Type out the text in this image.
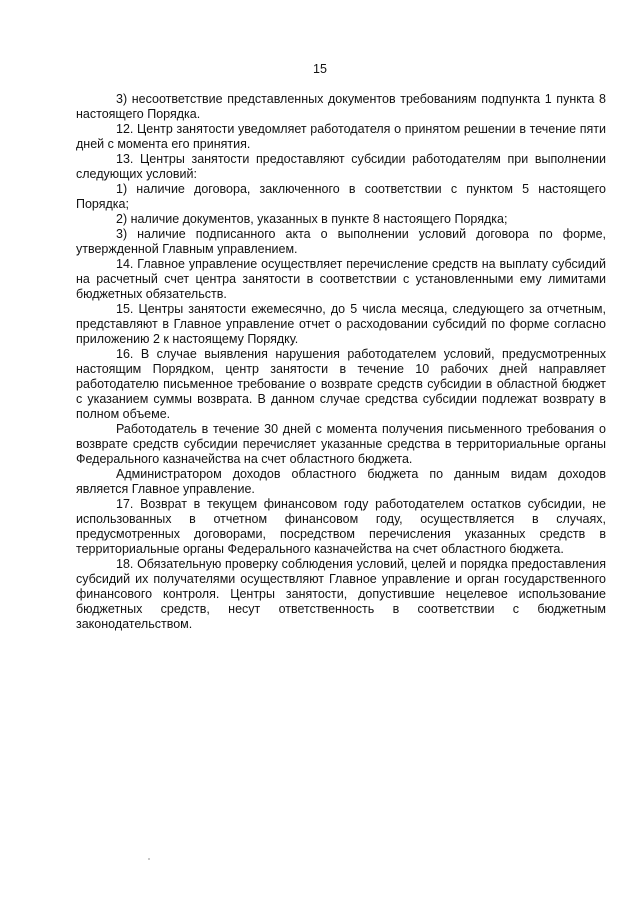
15

3) несоответствие представленных документов требованиям подпункта 1 пункта 8 настоящего Порядка.

12. Центр занятости уведомляет работодателя о принятом решении в течение пяти дней с момента его принятия.

13. Центры занятости предоставляют субсидии работодателям при выполнении следующих условий:

1) наличие договора, заключенного в соответствии с пунктом 5 настоящего Порядка;

2) наличие документов, указанных в пункте 8 настоящего Порядка;

3) наличие подписанного акта о выполнении условий договора по форме, утвержденной Главным управлением.

14. Главное управление осуществляет перечисление средств на выплату субсидий на расчетный счет центра занятости в соответствии с установленными ему лимитами бюджетных обязательств.

15. Центры занятости ежемесячно, до 5 числа месяца, следующего за отчетным, представляют в Главное управление отчет о расходовании субсидий по форме согласно приложению 2 к настоящему Порядку.

16. В случае выявления нарушения работодателем условий, предусмотренных настоящим Порядком, центр занятости в течение 10 рабочих дней направляет работодателю письменное требование о возврате средств субсидии в областной бюджет с указанием суммы возврата. В данном случае средства субсидии подлежат возврату в полном объеме.

Работодатель в течение 30 дней с момента получения письменного требования о возврате средств субсидии перечисляет указанные средства в территориальные органы Федерального казначейства на счет областного бюджета.

Администратором доходов областного бюджета по данным видам доходов является Главное управление.

17. Возврат в текущем финансовом году работодателем остатков субсидии, не использованных в отчетном финансовом году, осуществляется в случаях, предусмотренных договорами, посредством перечисления указанных средств в территориальные органы Федерального казначейства на счет областного бюджета.

18. Обязательную проверку соблюдения условий, целей и порядка предоставления субсидий их получателями осуществляют Главное управление и орган государственного финансового контроля. Центры занятости, допустившие нецелевое использование бюджетных средств, несут ответственность в соответствии с бюджетным законодательством.
